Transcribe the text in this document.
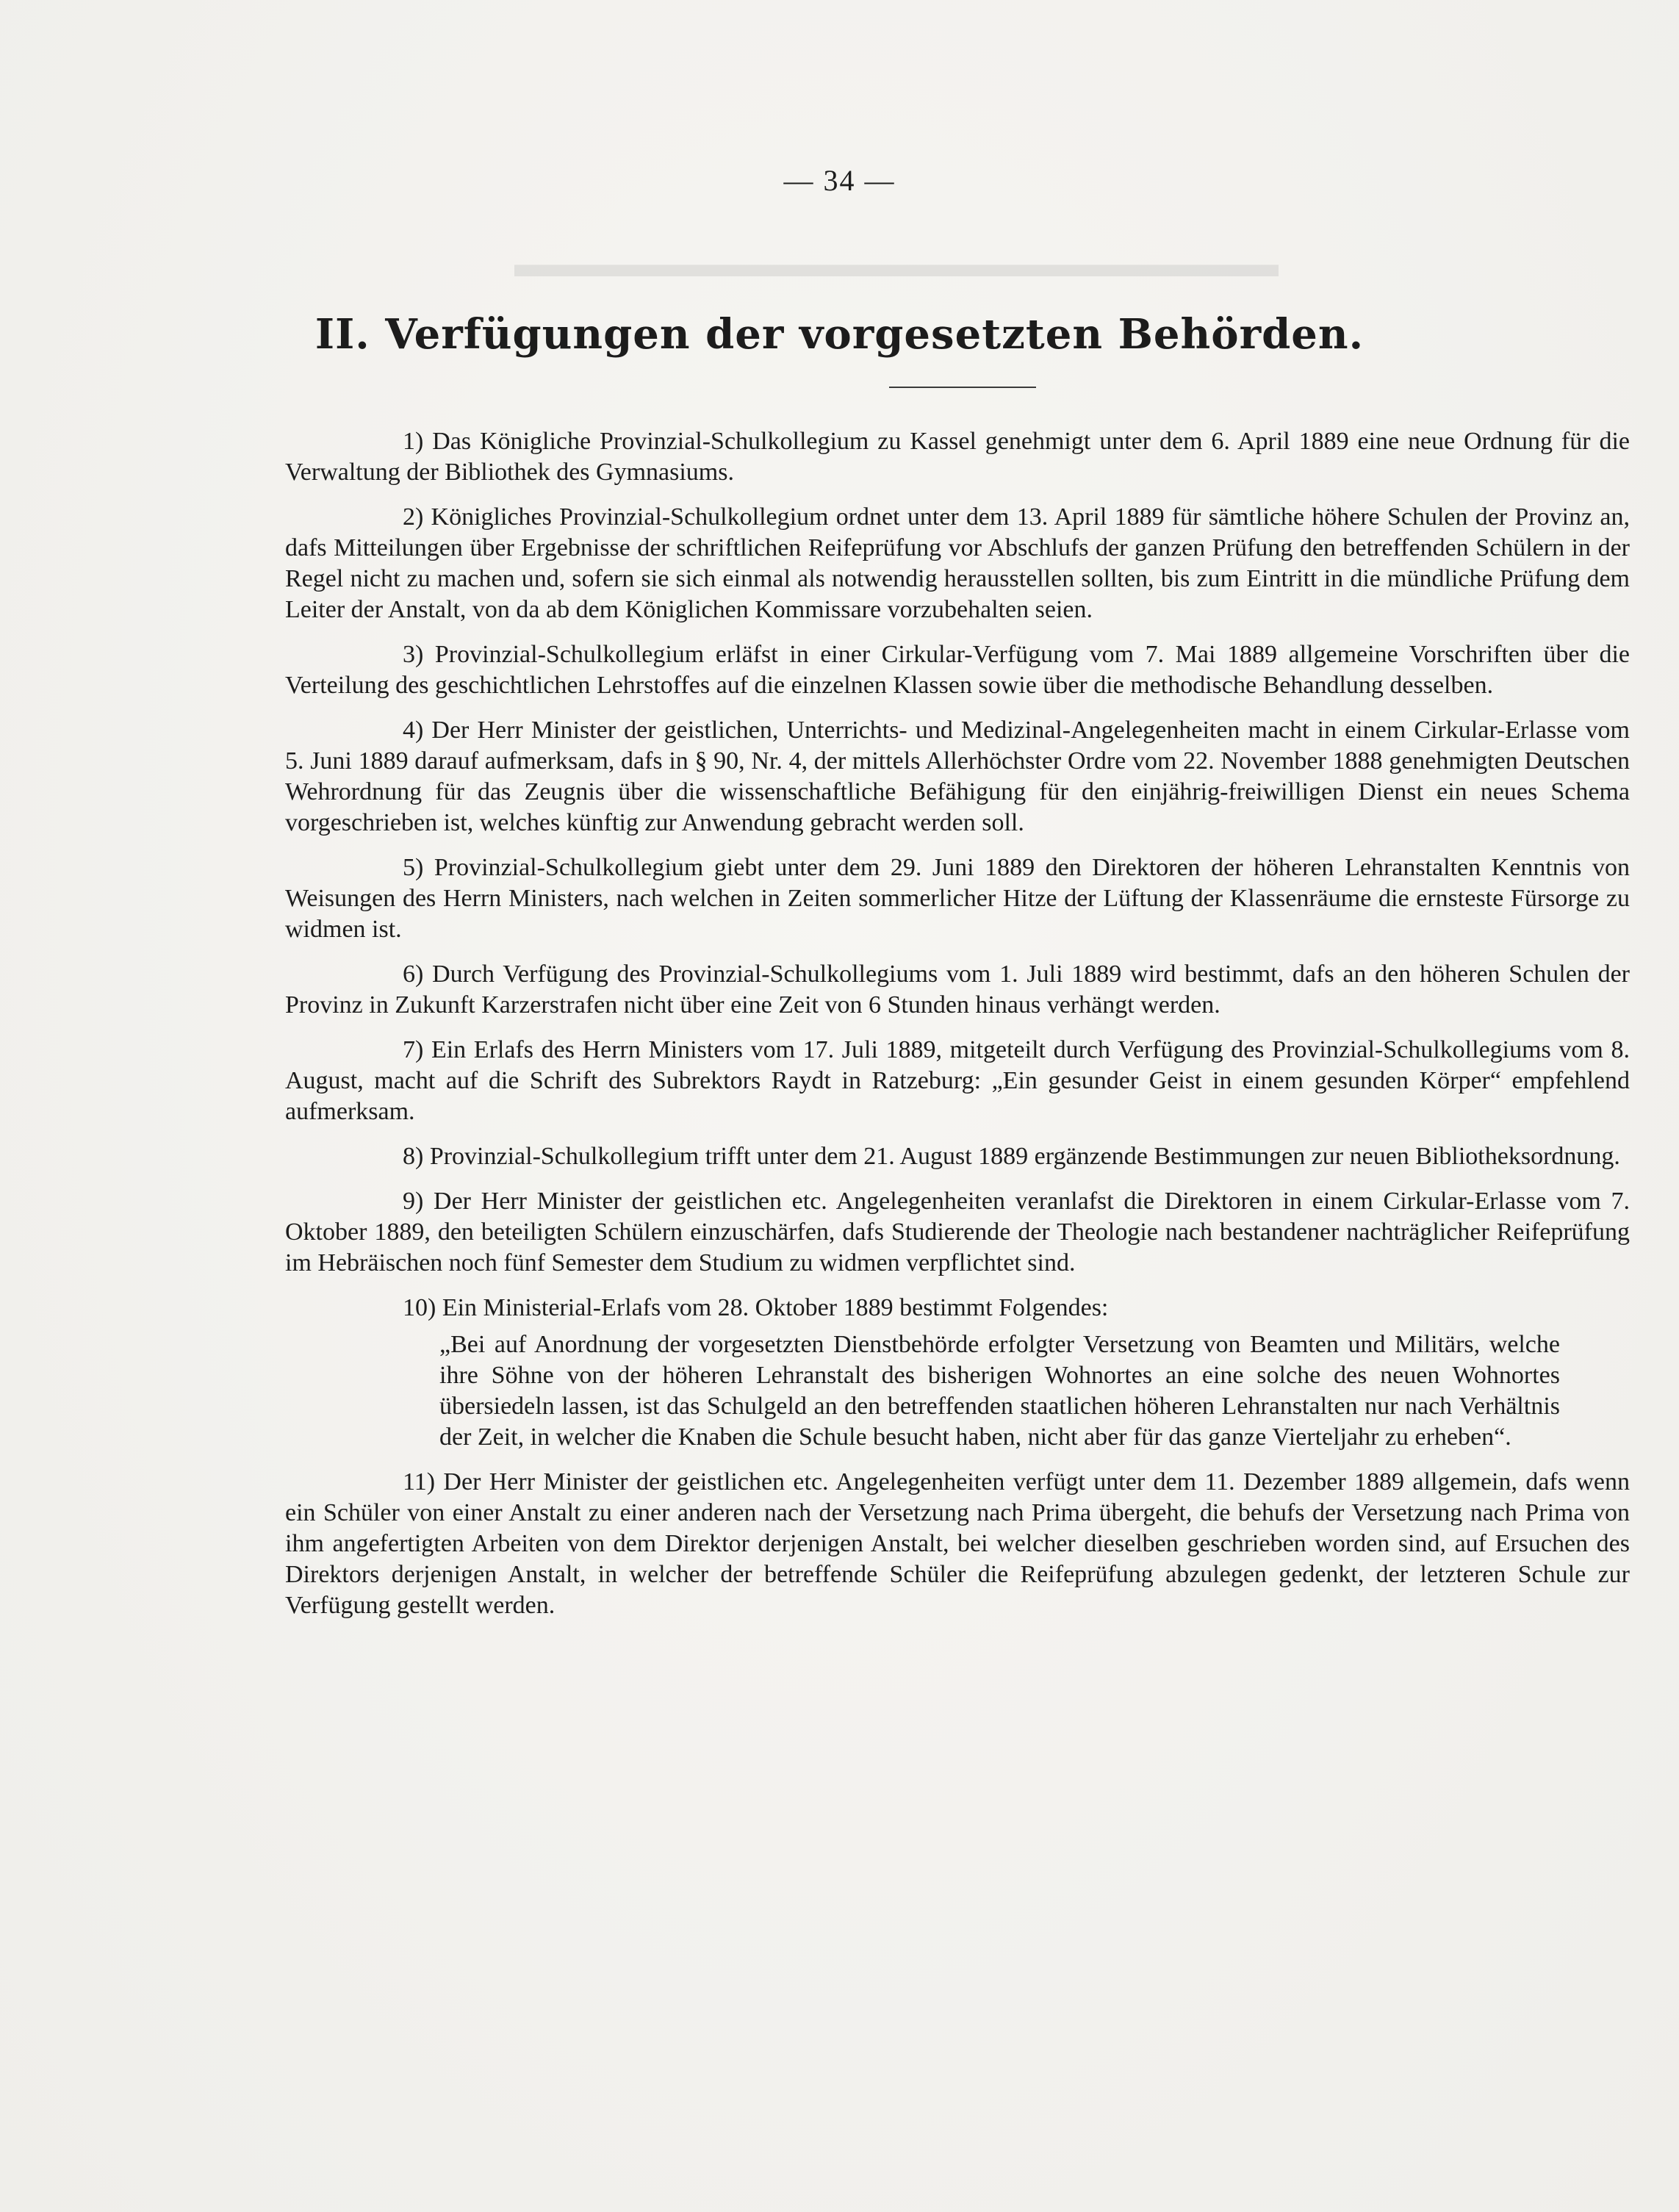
▬▬▬▬▬▬▬▬▬▬▬▬▬▬▬▬▬▬▬▬
— 34 —
II. Verfügungen der vorgesetzten Behörden.

1) Das Königliche Provinzial-Schulkollegium zu Kassel genehmigt unter dem 6. April 1889 eine neue Ordnung für die Verwaltung der Bibliothek des Gymnasiums.

2) Königliches Provinzial-Schulkollegium ordnet unter dem 13. April 1889 für sämtliche höhere Schulen der Provinz an, dafs Mitteilungen über Ergebnisse der schriftlichen Reifeprüfung vor Abschlufs der ganzen Prüfung den betreffenden Schülern in der Regel nicht zu machen und, sofern sie sich einmal als notwendig herausstellen sollten, bis zum Eintritt in die mündliche Prüfung dem Leiter der Anstalt, von da ab dem Königlichen Kommissare vorzubehalten seien.

3) Provinzial-Schulkollegium erläfst in einer Cirkular-Verfügung vom 7. Mai 1889 allgemeine Vorschriften über die Verteilung des geschichtlichen Lehrstoffes auf die einzelnen Klassen sowie über die methodische Behandlung desselben.

4) Der Herr Minister der geistlichen, Unterrichts- und Medizinal-Angelegenheiten macht in einem Cirkular-Erlasse vom 5. Juni 1889 darauf aufmerksam, dafs in § 90, Nr. 4, der mittels Allerhöchster Ordre vom 22. November 1888 genehmigten Deutschen Wehrordnung für das Zeugnis über die wissenschaftliche Befähigung für den einjährig-freiwilligen Dienst ein neues Schema vorgeschrieben ist, welches künftig zur Anwendung gebracht werden soll.

5) Provinzial-Schulkollegium giebt unter dem 29. Juni 1889 den Direktoren der höheren Lehranstalten Kenntnis von Weisungen des Herrn Ministers, nach welchen in Zeiten sommerlicher Hitze der Lüftung der Klassenräume die ernsteste Fürsorge zu widmen ist.

6) Durch Verfügung des Provinzial-Schulkollegiums vom 1. Juli 1889 wird bestimmt, dafs an den höheren Schulen der Provinz in Zukunft Karzerstrafen nicht über eine Zeit von 6 Stunden hinaus verhängt werden.

7) Ein Erlafs des Herrn Ministers vom 17. Juli 1889, mitgeteilt durch Verfügung des Provinzial-Schulkollegiums vom 8. August, macht auf die Schrift des Subrektors Raydt in Ratzeburg: „Ein gesunder Geist in einem gesunden Körper“ empfehlend aufmerksam.

8) Provinzial-Schulkollegium trifft unter dem 21. August 1889 ergänzende Bestimmungen zur neuen Bibliotheksordnung.

9) Der Herr Minister der geistlichen etc. Angelegenheiten veranlafst die Direktoren in einem Cirkular-Erlasse vom 7. Oktober 1889, den beteiligten Schülern einzuschärfen, dafs Studierende der Theologie nach bestandener nachträglicher Reifeprüfung im Hebräischen noch fünf Semester dem Studium zu widmen verpflichtet sind.

10) Ein Ministerial-Erlafs vom 28. Oktober 1889 bestimmt Folgendes:

„Bei auf Anordnung der vorgesetzten Dienstbehörde erfolgter Versetzung von Beamten und Militärs, welche ihre Söhne von der höheren Lehranstalt des bisherigen Wohnortes an eine solche des neuen Wohnortes übersiedeln lassen, ist das Schulgeld an den betreffenden staatlichen höheren Lehranstalten nur nach Verhältnis der Zeit, in welcher die Knaben die Schule besucht haben, nicht aber für das ganze Vierteljahr zu erheben“.

11) Der Herr Minister der geistlichen etc. Angelegenheiten verfügt unter dem 11. Dezember 1889 allgemein, dafs wenn ein Schüler von einer Anstalt zu einer anderen nach der Versetzung nach Prima übergeht, die behufs der Versetzung nach Prima von ihm angefertigten Arbeiten von dem Direktor derjenigen Anstalt, bei welcher dieselben geschrieben worden sind, auf Ersuchen des Direktors derjenigen Anstalt, in welcher der betreffende Schüler die Reifeprüfung abzulegen gedenkt, der letzteren Schule zur Verfügung gestellt werden.
